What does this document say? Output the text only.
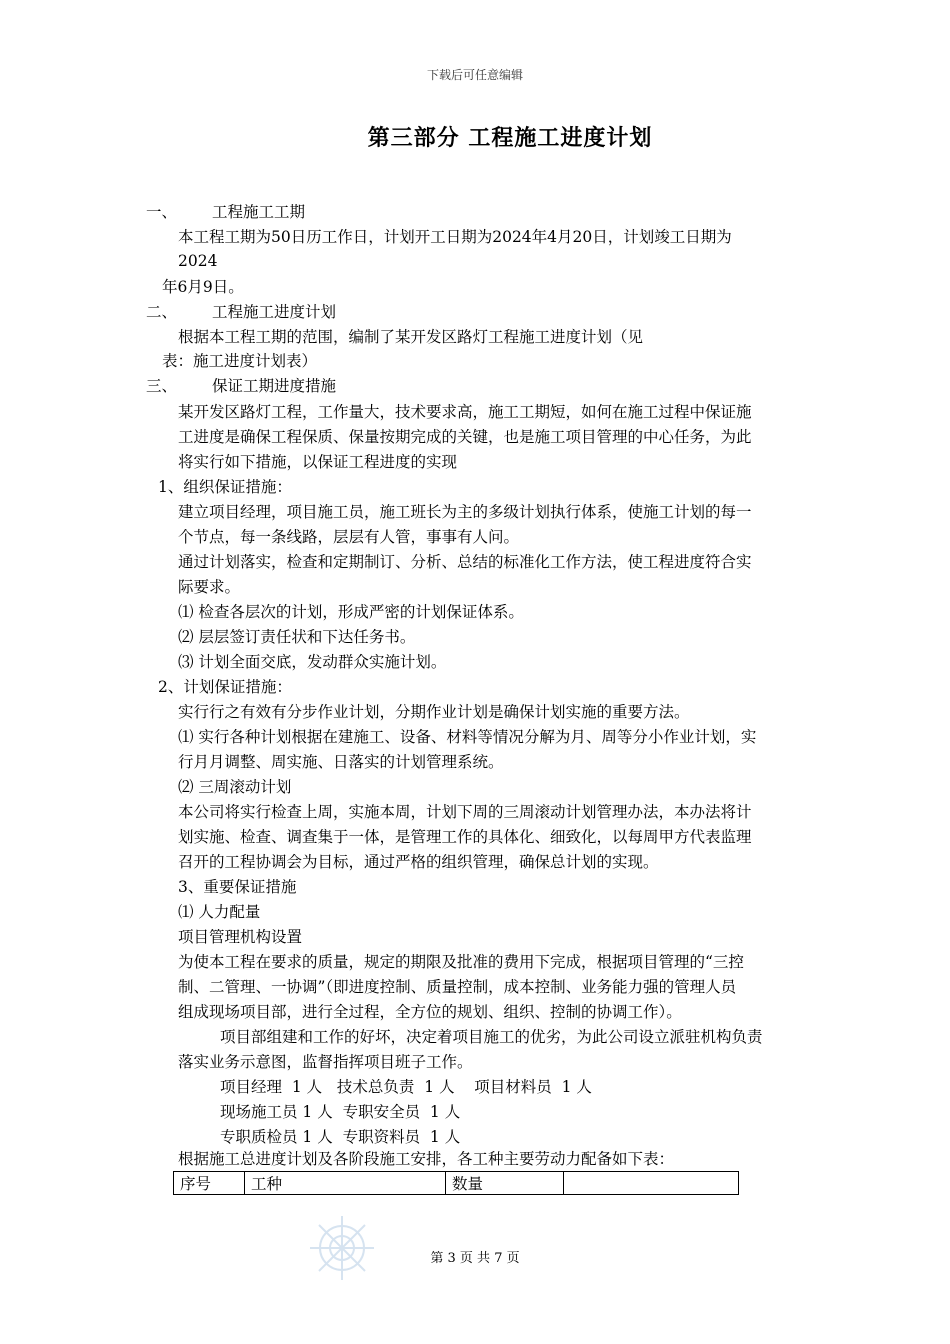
下载后可任意编辑
第三部分 工程施工进度计划
一、 工程施工工期
本工程工期为50日历工作日，计划开工日期为2024年4月20日，计划竣工日期为
2024
年6月9日。
二、 工程施工进度计划
根据本工程工期的范围，编制了某开发区路灯工程施工进度计划（见
表：施工进度计划表）
三、 保证工期进度措施
某开发区路灯工程，工作量大，技术要求高，施工工期短，如何在施工过程中保证施
工进度是确保工程保质、保量按期完成的关键，也是施工项目管理的中心任务，为此
将实行如下措施，以保证工程进度的实现
1、组织保证措施：
建立项目经理，项目施工员，施工班长为主的多级计划执行体系，使施工计划的每一
个节点，每一条线路，层层有人管，事事有人问。
通过计划落实，检查和定期制订、分析、总结的标准化工作方法，使工程进度符合实
际要求。
⑴ 检查各层次的计划，形成严密的计划保证体系。
⑵ 层层签订责任状和下达任务书。
⑶ 计划全面交底，发动群众实施计划。
2、计划保证措施：
实行行之有效有分步作业计划，分期作业计划是确保计划实施的重要方法。
⑴ 实行各种计划根据在建施工、设备、材料等情况分解为月、周等分小作业计划，实
行月月调整、周实施、日落实的计划管理系统。
⑵ 三周滚动计划
本公司将实行检查上周，实施本周，计划下周的三周滚动计划管理办法，本办法将计
划实施、检查、调查集于一体，是管理工作的具体化、细致化，以每周甲方代表监理
召开的工程协调会为目标，通过严格的组织管理，确保总计划的实现。
3、重要保证措施
⑴ 人力配量
项目管理机构设置
为使本工程在要求的质量，规定的期限及批准的费用下完成，根据项目管理的“三控
制、二管理、一协调”（即进度控制、质量控制，成本控制、业务能力强的管理人员
组成现场项目部，进行全过程，全方位的规划、组织、控制的协调工作）。
项目部组建和工作的好坏，决定着项目施工的优劣，为此公司设立派驻机构负责
落实业务示意图，监督指挥项目班子工作。
项目经理  1 人   技术总负责  1 人    项目材料员  1 人
现场施工员 1 人  专职安全员  1 人
专职质检员 1 人  专职资料员  1 人
根据施工总进度计划及各阶段施工安排，各工种主要劳动力配备如下表：
序号	工种	数量	
第 3 页 共 7 页
